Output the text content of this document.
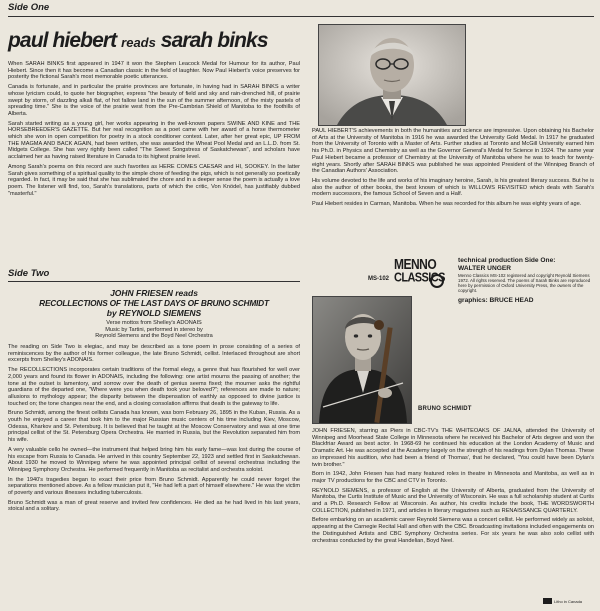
Side One
paul hiebert reads sarah binks

When SARAH BINKS first appeared in 1947 it won the Stephen Leacock Medal for Humour for its author, Paul Hiebert. Since then it has become a Canadian classic in the field of laughter. Now Paul Hiebert's voice preserves for posterity the fictional Sarah's most memorable poetic utterances.

Canada is fortunate, and in particular the prairie provinces are fortunate, in having had in SARAH BINKS a writer whose lyricism could, to quote her biographer, express "the beauty of field and sky and rain-drenched hill, of prairie swept by storm, of dazzling alkali flat, of hot fallow land in the sun of the summer afternoon, of the misty pastels of spreading time." She is the voice of the prairie west from the Pre-Cambrian Shield of Manitoba to the foothills of Alberta.

Sarah started writing as a young girl, her works appearing in the well-known papers SWINE AND KINE and THE HORSEBREEDER'S GAZETTE. But her real recognition as a poet came with her award of a horse thermometer which she won in open competition for poetry in a stock conditioner contest. Later, after her great epic, UP FROM THE MAGMA AND BACK AGAIN, had been written, she was awarded the Wheat Pool Medal and an L.L.D. from St. Midgets College. She has very rightly been called "The Sweet Songstress of Saskatchewan", and scholars have acclaimed her as having raised literature in Canada to its highest prairie level.

Among Sarah's poems on this record are such favorites as HERE COMES CAESAR and HI, SOOKEY. In the latter Sarah gives something of a spiritual quality to the simple chore of feeding the pigs, which is not generally so poetically regarded. In fact, it may be said that she has sublimated the chore and in a deeper sense the poem is actually a love poem. The listener will find, too, Sarah's translations, parts of which the critic, Von Knödel, has justifiably dubbed "masterful."

PAUL HIEBERT'S achievements in both the humanities and science are impressive. Upon obtaining his Bachelor of Arts at the University of Manitoba in 1916 he was awarded the University Gold Medal. In 1917 he graduated from the University of Toronto with a Master of Arts. Further studies at Toronto and McGill University earned him his Ph.D. in Physics and Chemistry as well as the Governor General's Medal for Science in 1924. The same year Paul Hiebert became a professor of Chemistry at the University of Manitoba where he was to teach for twenty-eight years. Shortly after SARAH BINKS was published he was appointed President of the Winnipeg Branch of the Canadian Authors' Association.

His volume devoted to the life and works of his imaginary heroine, Sarah, is his greatest literary success. But he is also the author of other books, the best known of which is WILLOWS REVISITED which deals with Sarah's modern successors, the famous School of Seven and a Half.

Paul Hiebert resides in Carman, Manitoba. When he was recorded for this album he was eighty years of age.

Side Two	MS-102
MENNO
CLASSICS
technical production Side One:
WALTER UNGER
Menno Classics MS-102 registered and copyright Reynold Siemens 1972. All rights reserved. The poems of Sarah Binks are reproduced here by permission of Oxford University Press, the owners of the copyright.
graphics: BRUCE HEAD
JOHN FRIESEN reads
RECOLLECTIONS OF THE LAST DAYS OF BRUNO SCHMIDT
by REYNOLD SIEMENS
Verse mottos from Shelley's ADONAIS
Music by Tartini, performed in stereo by
Reynold Siemens and the Boyd Neel Orchestra

The reading on Side Two is elegiac, and may be described as a tone poem in prose consisting of a series of reminiscences by the author of his former colleague, the late Bruno Schmidt, cellist. Interlaced throughout are short excerpts from Shelley's ADONAIS.

The RECOLLECTIONS incorporates certain traditions of the formal elegy, a genre that has flourished for well over 2,000 years and found its flower in ADONAIS, including the following: one artist mourns the passing of another; the tone at the outset is lamentory, and sorrow over the death of genius seems fixed; the mourner asks the rightful guardians of the departed one, "Where were you when death took your beloved?"; references are made to nature; allusions to mythology appear; the disparity between the dispensation of earthly as opposed to divine justice is touched on; the tone changes near the end, and a closing consolation affirms that death is the gateway to life.

Bruno Schmidt, among the finest cellists Canada has known, was born February 26, 1895 in the Kuban, Russia. As a youth he enjoyed a career that took him to the major Russian music centers of his time including Kiev, Moscow, Odessa, Kharkov and St. Petersburg. It is believed that he taught at the Moscow Conservatory and was at one time principal cellist of the St. Petersburg Opera Orchestra. He married in Russia, but the Revolution separated him from his wife.

A very valuable cello he owned—the instrument that helped bring him his early fame—was lost during the course of his escape from Russia to Canada. He arrived in this country September 22, 1923 and settled first in Saskatchewan. About 1930 he moved to Winnipeg where he was appointed principal cellist of several orchestras including the Winnipeg Symphony Orchestra. He performed frequently in Manitoba as recitalist and orchestra soloist.

In the 1940's tragedies began to exact their price from Bruno Schmidt. Apparently he could never forget the separations mentioned above. As a fellow musician put it, "He had left a part of himself elsewhere." He was the victim of poverty and various illnesses including tuberculosis.

Bruno Schmidt was a man of great reserve and invited few confidences. He died as he had lived in his last years, stoical and a solitary.

BRUNO SCHMIDT

JOHN FRIESEN, starring as Piers in CBC-TV's THE WHITEOAKS OF JALNA, attended the University of Winnipeg and Moorhead State College in Minnesota where he received his Bachelor of Arts degree and won the Blackfriar Award as best actor. In 1968-69 he continued his education at the London Academy of Music and Dramatic Art. He was accepted at the Academy largely on the strength of his readings from Dylan Thomas. These so impressed his audition, who had been a friend of Thomas', that he declared, "You could have been Dylan's twin brother."

Born in 1942, John Friesen has had many featured roles in theatre in Minnesota and Manitoba, as well as in major TV productions for the CBC and CTV in Toronto.

REYNOLD SIEMENS, a professor of English at the University of Alberta, graduated from the University of Manitoba, the Curtis Institute of Music and the University of Wisconsin. He was a full scholarship student at Curtis and a Ph.D. Research Fellow at Wisconsin. As author, his credits include the book, THE WORDSWORTH COLLECTION, published in 1971, and articles in literary magazines such as RENAISSANCE QUARTERLY.

Before embarking on an academic career Reynold Siemens was a concert cellist. He performed widely as soloist, appearing at the Carnegie Recital Hall and often with the CBC. Broadcasting invitations included engagements on the Distinguished Artists and CBC Symphony Orchestra series. For six years he was also solo cellist with orchestras conducted by the great Handelian, Boyd Neel.

Litho in Canada
